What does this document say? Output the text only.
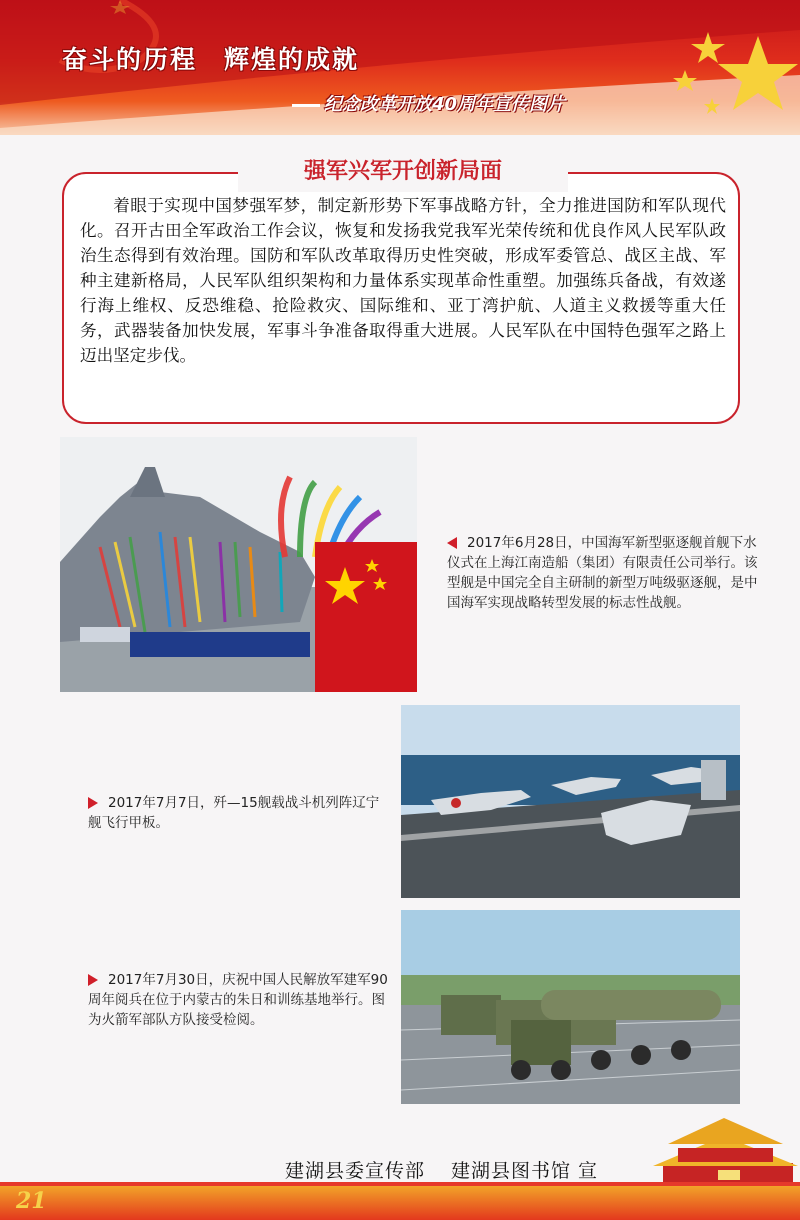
奋斗的历程　辉煌的成就
纪念改革开放40周年宣传图片
强军兴军开创新局面
着眼于实现中国梦强军梦，制定新形势下军事战略方针，全力推进国防和军队现代化。召开古田全军政治工作会议，恢复和发扬我党我军光荣传统和优良作风人民军队政治生态得到有效治理。国防和军队改革取得历史性突破，形成军委管总、战区主战、军种主建新格局，人民军队组织架构和力量体系实现革命性重塑。加强练兵备战，有效遂行海上维权、反恐维稳、抢险救灾、国际维和、亚丁湾护航、人道主义救援等重大任务，武器装备加快发展，军事斗争准备取得重大进展。人民军队在中国特色强军之路上迈出坚定步伐。
2017年6月28日，中国海军新型驱逐舰首舰下水仪式在上海江南造船（集团）有限责任公司举行。该型舰是中国完全自主研制的新型万吨级驱逐舰，是中国海军实现战略转型发展的标志性战舰。
2017年7月7日，歼—15舰载战斗机列阵辽宁舰飞行甲板。
2017年7月30日，庆祝中国人民解放军建军90周年阅兵在位于内蒙古的朱日和训练基地举行。图为火箭军部队方队接受检阅。
建湖县委宣传部 建湖县图书馆 宣
21
